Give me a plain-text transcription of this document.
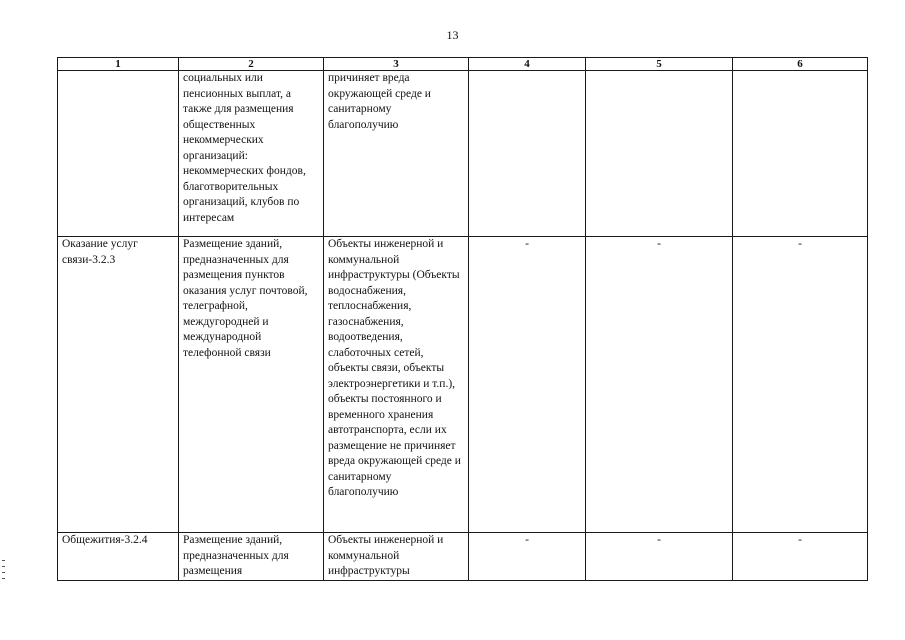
13
1	2	3	4	5	6
	социальных или пенсионных выплат, а также для размещения общественных некоммерческих организаций: некоммерческих фондов, благотворительных организаций, клубов по интересам	причиняет вреда окружающей среде и санитарному благополучию			
Оказание услуг связи-3.2.3	Размещение зданий, предназначенных для размещения пунктов оказания услуг почтовой, телеграфной, междугородней и международной телефонной связи	Объекты инженерной и коммунальной инфраструктуры (Объекты водоснабжения, теплоснабжения, газоснабжения, водоотведения, слаботочных сетей, объекты связи, объекты электроэнергетики и т.п.), объекты постоянного и временного хранения автотранспорта, если их размещение не причиняет вреда окружающей среде и санитарному благополучию	-	-	-
Общежития-3.2.4	Размещение зданий, предназначенных для размещения	Объекты инженерной и коммунальной инфраструктуры	-	-	-
